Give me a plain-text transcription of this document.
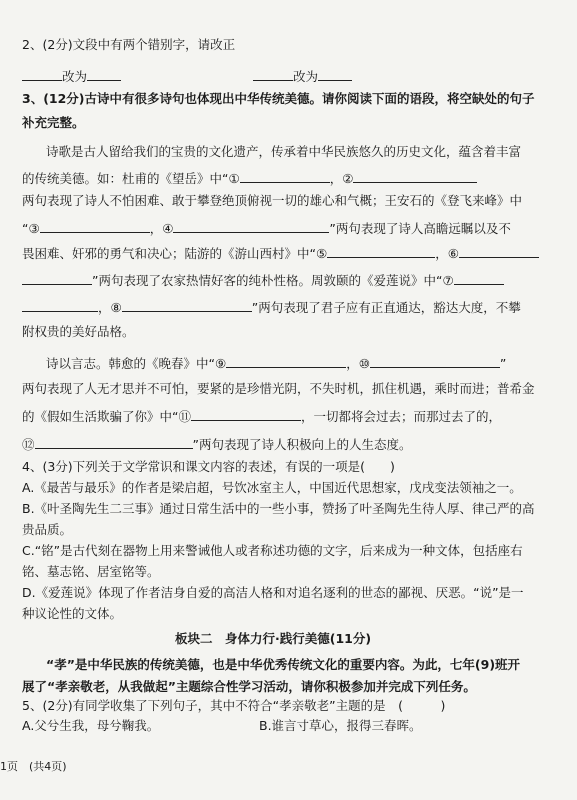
2、(2分)文段中有两个错别字，请改正
改为	改为
3、(12分)古诗中有很多诗句也体现出中华传统美德。请你阅读下面的语段，将空缺处的句子
补充完整。
诗歌是古人留给我们的宝贵的文化遗产，传承着中华民族悠久的历史文化，蕴含着丰富
的传统美德。如：杜甫的《望岳》中“①	，②
两句表现了诗人不怕困难、敢于攀登绝顶俯视一切的雄心和气概；王安石的《登飞来峰》中
“③	，④	”两句表现了诗人高瞻远瞩以及不
畏困难、奸邪的勇气和决心；陆游的《游山西村》中“⑤	，⑥
”两句表现了农家热情好客的纯朴性格。周敦颐的《爱莲说》中“⑦
，⑧	”两句表现了君子应有正直通达，豁达大度，不攀
附权贵的美好品格。
诗以言志。韩愈的《晚春》中“⑨	，⑩	”
两句表现了人无才思并不可怕，要紧的是珍惜光阴，不失时机，抓住机遇，乘时而进；普希金
的《假如生活欺骗了你》中“⑪	，一切都将会过去；而那过去了的，
⑫	”两句表现了诗人积极向上的人生态度。
4、(3分)下列关于文学常识和课文内容的表述，有误的一项是(　　)
A.《最苦与最乐》的作者是梁启超，号饮冰室主人，中国近代思想家，戊戌变法领袖之一。
B.《叶圣陶先生二三事》通过日常生活中的一些小事，赞扬了叶圣陶先生待人厚、律己严的高
贵品质。
C.“铭”是古代刻在器物上用来警诫他人或者称述功德的文字，后来成为一种文体，包括座右
铭、墓志铭、居室铭等。
D.《爱莲说》体现了作者洁身自爱的高洁人格和对追名逐利的世态的鄙视、厌恶。“说”是一
种议论性的文体。
板块二　身体力行·践行美德(11分)
“孝”是中华民族的传统美德，也是中华优秀传统文化的重要内容。为此，七年(9)班开
展了“孝亲敬老，从我做起”主题综合性学习活动，请你积极参加并完成下列任务。
5、(2分)有同学收集了下列句子，其中不符合“孝亲敬老”主题的是　(　　　)
A.父兮生我，母兮鞠我。	B.谁言寸草心，报得三春晖。
1页　(共4页)
